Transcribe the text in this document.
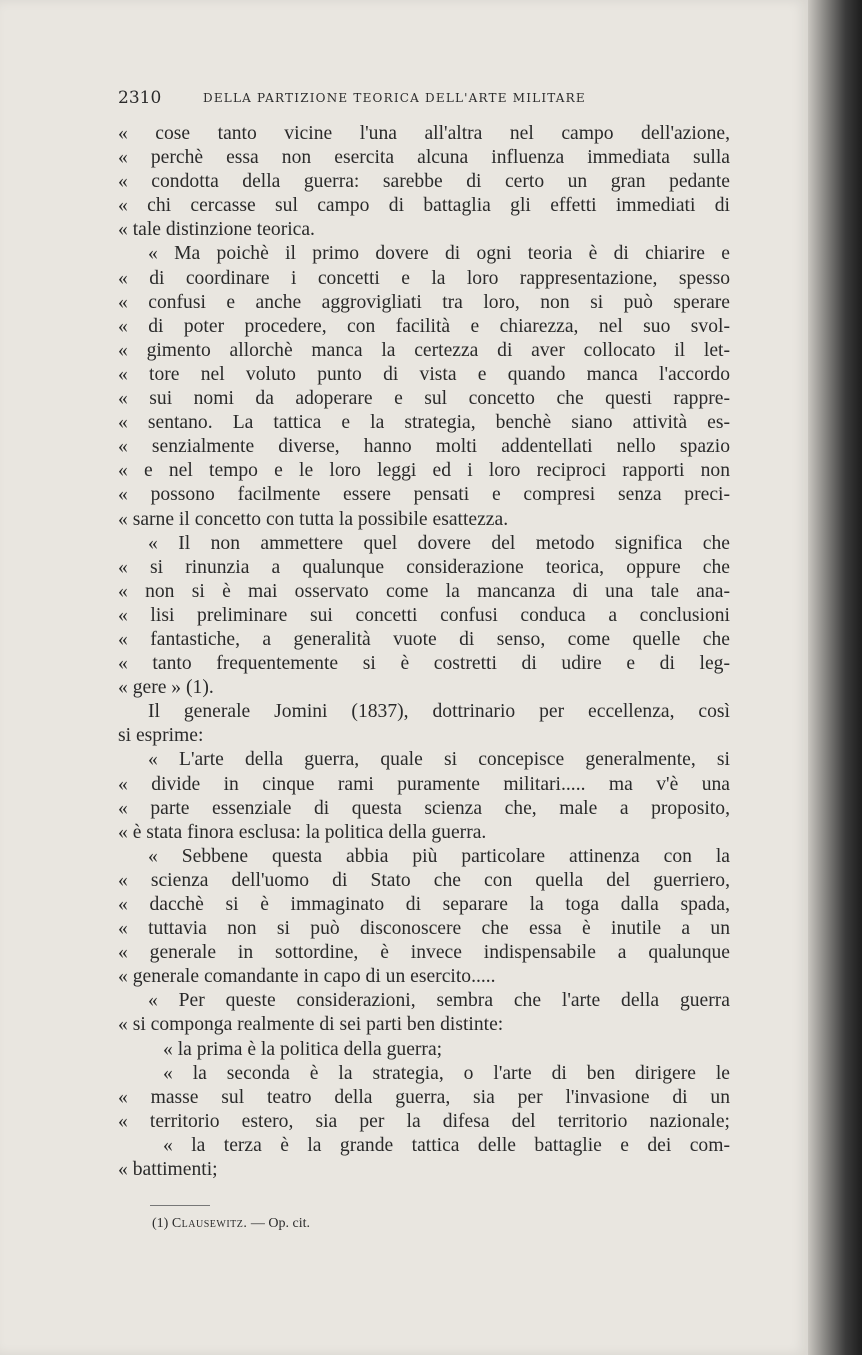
2310	DELLA PARTIZIONE TEORICA DELL'ARTE MILITARE
« cose tanto vicine l'una all'altra nel campo dell'azione,
« perchè essa non esercita alcuna influenza immediata sulla
« condotta della guerra: sarebbe di certo un gran pedante
« chi cercasse sul campo di battaglia gli effetti immediati di
« tale distinzione teorica.
« Ma poichè il primo dovere di ogni teoria è di chiarire e
« di coordinare i concetti e la loro rappresentazione, spesso
« confusi e anche aggrovigliati tra loro, non si può sperare
« di poter procedere, con facilità e chiarezza, nel suo svol-
« gimento allorchè manca la certezza di aver collocato il let-
« tore nel voluto punto di vista e quando manca l'accordo
« sui nomi da adoperare e sul concetto che questi rappre-
« sentano. La tattica e la strategia, benchè siano attività es-
« senzialmente diverse, hanno molti addentellati nello spazio
« e nel tempo e le loro leggi ed i loro reciproci rapporti non
« possono facilmente essere pensati e compresi senza preci-
« sarne il concetto con tutta la possibile esattezza.
« Il non ammettere quel dovere del metodo significa che
« si rinunzia a qualunque considerazione teorica, oppure che
« non si è mai osservato come la mancanza di una tale ana-
« lisi preliminare sui concetti confusi conduca a conclusioni
« fantastiche, a generalità vuote di senso, come quelle che
« tanto frequentemente si è costretti di udire e di leg-
« gere » (1).
Il generale Jomini (1837), dottrinario per eccellenza, così
si esprime:
« L'arte della guerra, quale si concepisce generalmente, si
« divide in cinque rami puramente militari..... ma v'è una
« parte essenziale di questa scienza che, male a proposito,
« è stata finora esclusa: la politica della guerra.
« Sebbene questa abbia più particolare attinenza con la
« scienza dell'uomo di Stato che con quella del guerriero,
« dacchè si è immaginato di separare la toga dalla spada,
« tuttavia non si può disconoscere che essa è inutile a un
« generale in sottordine, è invece indispensabile a qualunque
« generale comandante in capo di un esercito.....
« Per queste considerazioni, sembra che l'arte della guerra
« si componga realmente di sei parti ben distinte:
« la prima è la politica della guerra;
« la seconda è la strategia, o l'arte di ben dirigere le
« masse sul teatro della guerra, sia per l'invasione di un
« territorio estero, sia per la difesa del territorio nazionale;
« la terza è la grande tattica delle battaglie e dei com-
« battimenti;
(1) Clausewitz. — Op. cit.
